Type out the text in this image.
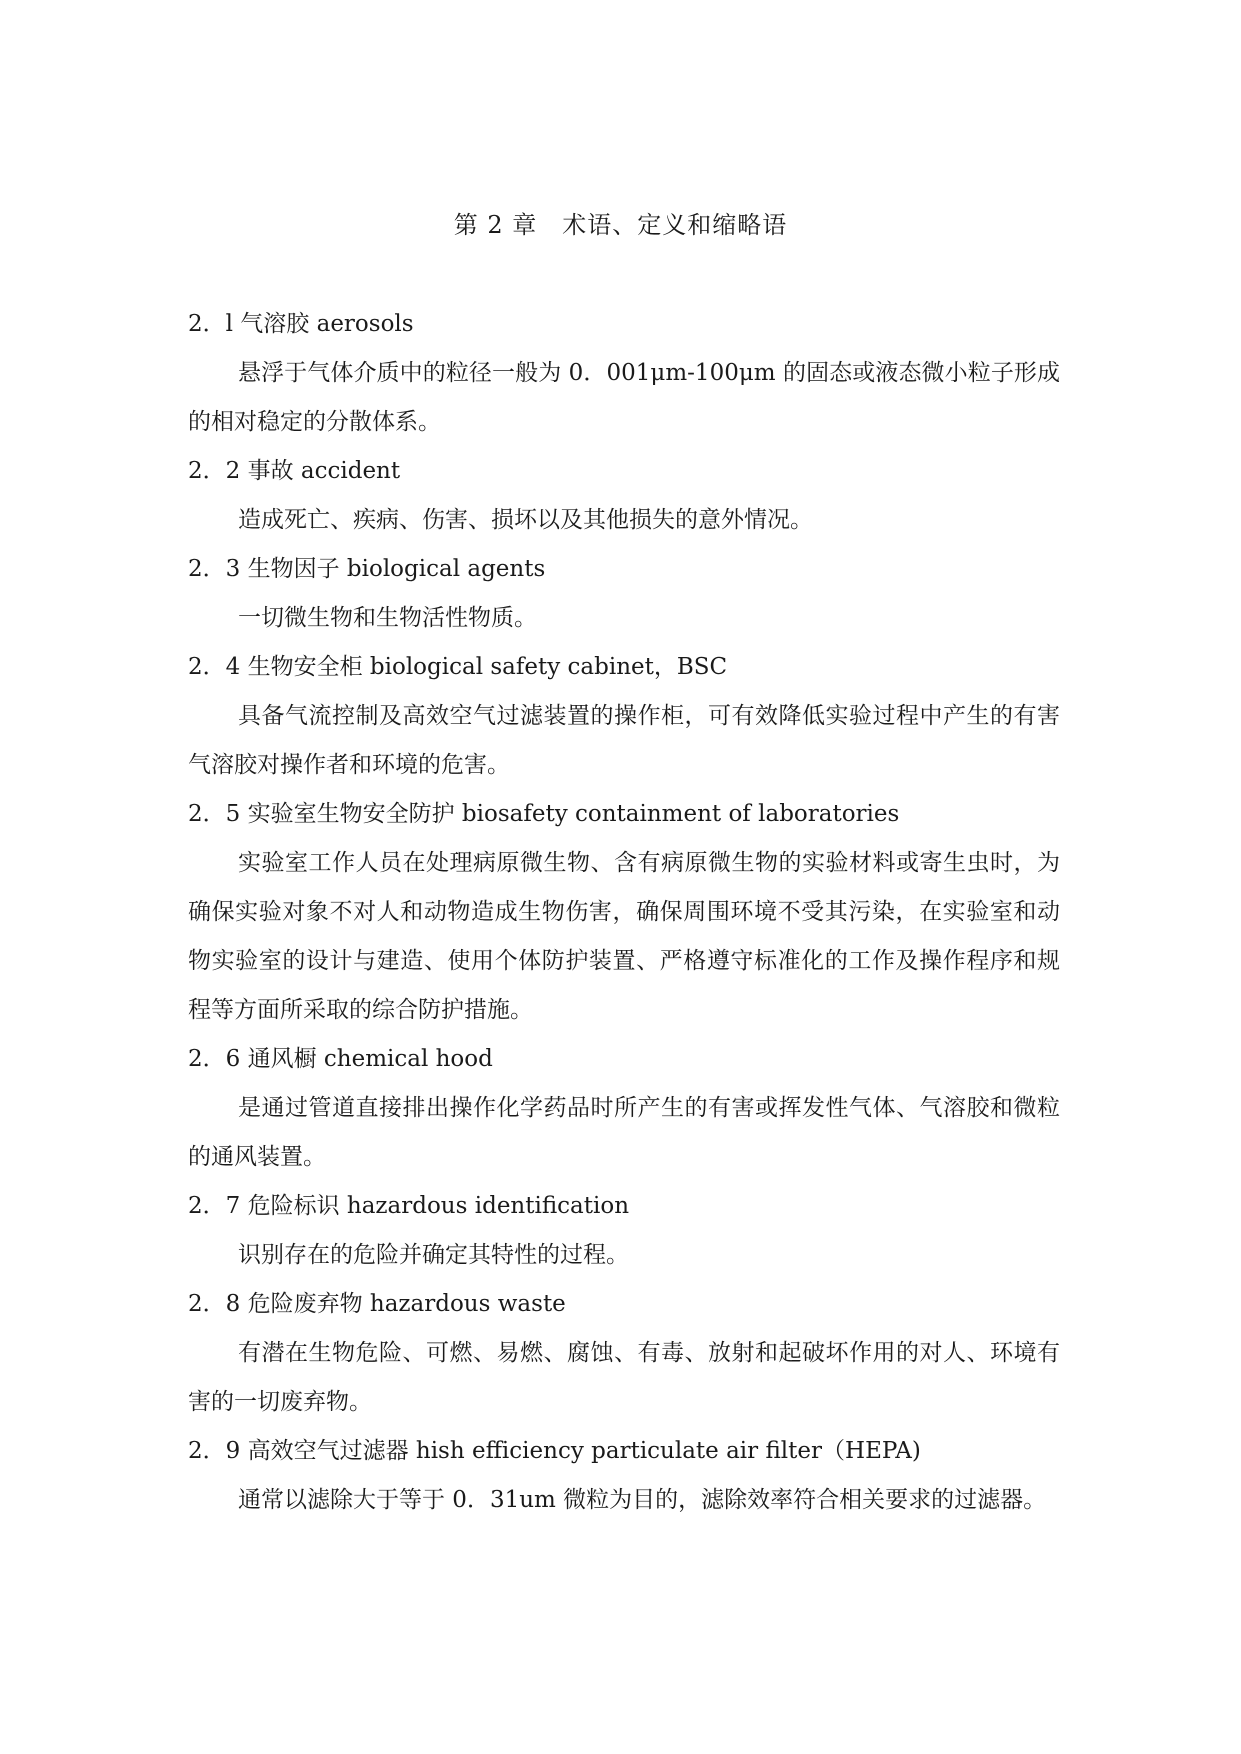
第 2 章　术语、定义和缩略语
2．l 气溶胶 aerosols
悬浮于气体介质中的粒径一般为 0．001μm-100μm 的固态或液态微小粒子形成的相对稳定的分散体系。
2．2 事故 accident
造成死亡、疾病、伤害、损坏以及其他损失的意外情况。
2．3 生物因子 biological agents
一切微生物和生物活性物质。
2．4 生物安全柜 biological safety cabinet，BSC
具备气流控制及高效空气过滤装置的操作柜，可有效降低实验过程中产生的有害气溶胶对操作者和环境的危害。
2．5 实验室生物安全防护 biosafety containment of laboratories
实验室工作人员在处理病原微生物、含有病原微生物的实验材料或寄生虫时，为确保实验对象不对人和动物造成生物伤害，确保周围环境不受其污染，在实验室和动物实验室的设计与建造、使用个体防护装置、严格遵守标准化的工作及操作程序和规程等方面所采取的综合防护措施。
2．6 通风橱 chemical hood
是通过管道直接排出操作化学药品时所产生的有害或挥发性气体、气溶胶和微粒的通风装置。
2．7 危险标识 hazardous identification
识别存在的危险并确定其特性的过程。
2．8 危险废弃物 hazardous waste
有潜在生物危险、可燃、易燃、腐蚀、有毒、放射和起破坏作用的对人、环境有害的一切废弃物。
2．9 高效空气过滤器 hish efficiency particulate air filter（HEPA)
通常以滤除大于等于 0．31um 微粒为目的，滤除效率符合相关要求的过滤器。
